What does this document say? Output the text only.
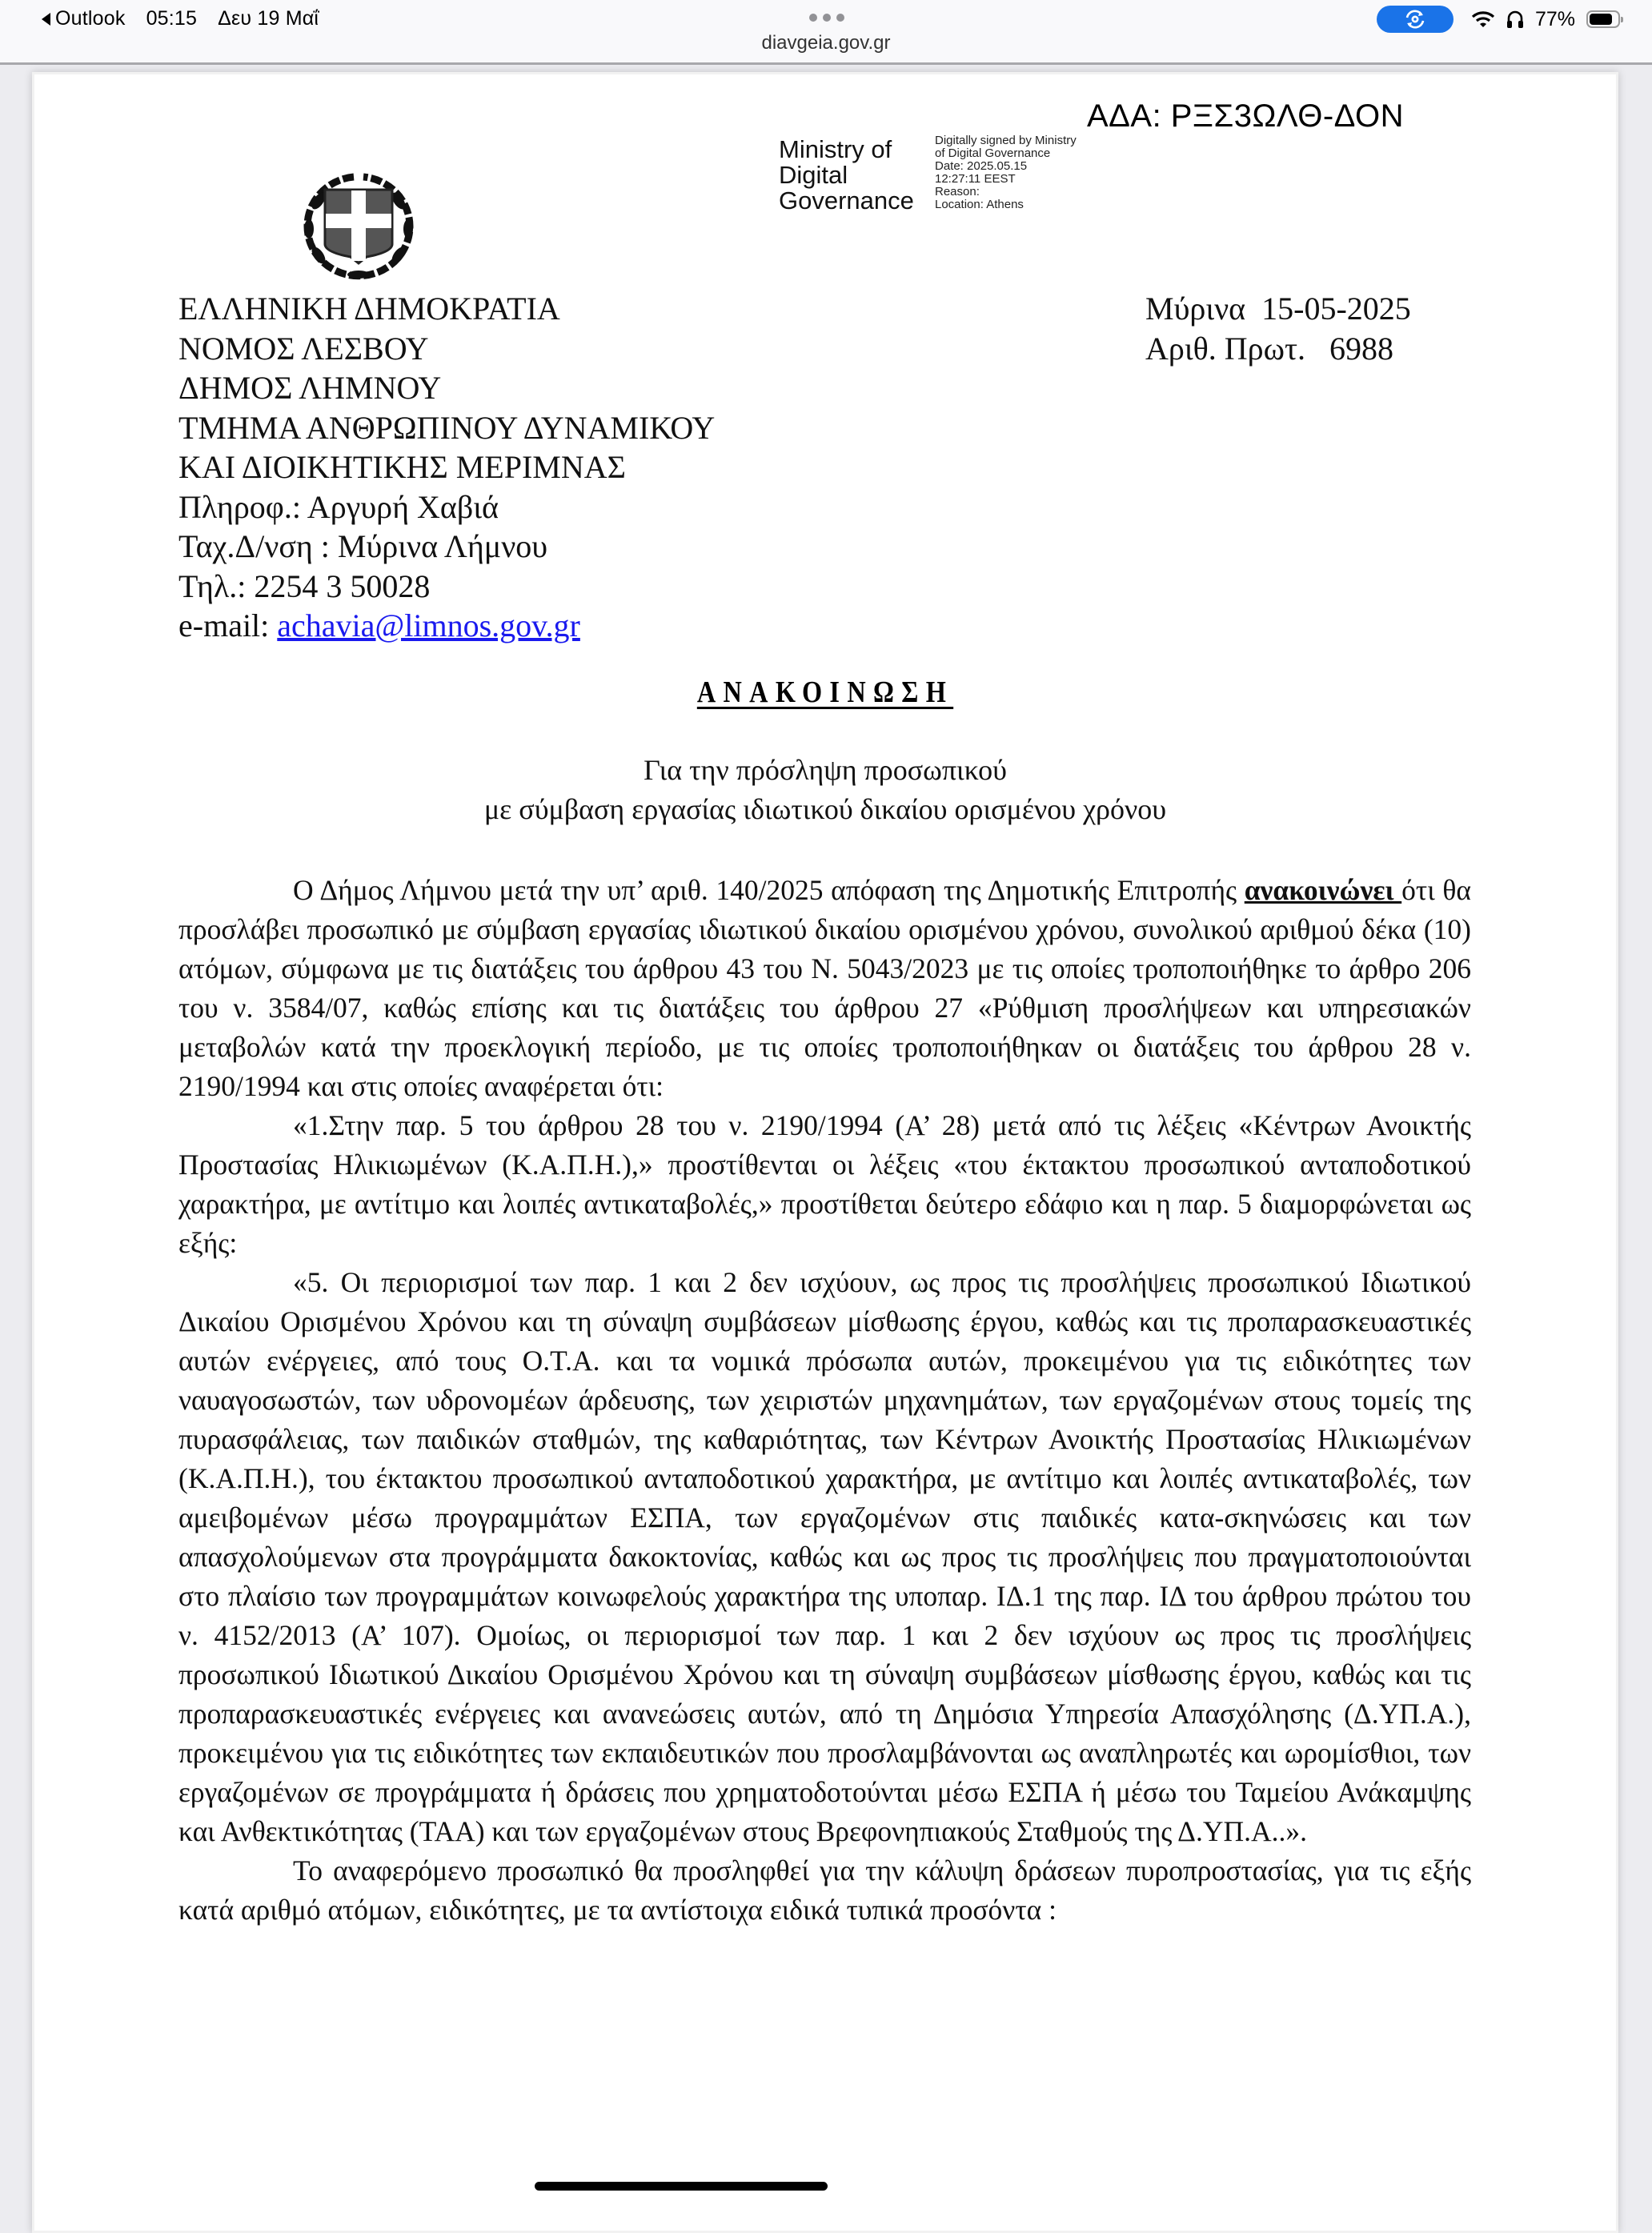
Outlook 05:15 Δευ 19 Μαΐ
diavgeia.gov.gr
77%
ΑΔΑ: ΡΞΣ3ΩΛΘ-ΔΟΝ
Ministry of
Digital
Governance
Digitally signed by Ministry
of Digital Governance
Date: 2025.05.15
12:27:11 EEST
Reason:
Location: Athens
ΕΛΛΗΝΙΚΗ ΔΗΜΟΚΡΑΤΙΑ
ΝΟΜΟΣ ΛΕΣΒΟΥ
ΔΗΜΟΣ ΛΗΜΝΟΥ
ΤΜΗΜΑ ΑΝΘΡΩΠΙΝΟΥ ΔΥΝΑΜΙΚΟΥ
ΚΑΙ ΔΙΟΙΚΗΤΙΚΗΣ ΜΕΡΙΜΝΑΣ
Πληροφ.: Αργυρή Χαβιά
Ταχ.Δ/νση : Μύρινα Λήμνου
Τηλ.: 2254 3 50028
e-mail: achavia@limnos.gov.gr
Μύρινα  15-05-2025
Αριθ. Πρωτ.   6988
ΑΝΑΚΟΙΝΩΣΗ
Για την πρόσληψη προσωπικού
με σύμβαση εργασίας ιδιωτικού δικαίου ορισμένου χρόνου

Ο Δήμος Λήμνου μετά την υπ’ αριθ. 140/2025 απόφαση της Δημοτικής Επιτροπής ανακοινώνει ότι θα προσλάβει προσωπικό με σύμβαση εργασίας ιδιωτικού δικαίου ορισμένου χρόνου, συνολικού αριθμού δέκα (10) ατόμων, σύμφωνα με τις διατάξεις του άρθρου 43 του Ν. 5043/2023 με τις οποίες τροποποιήθηκε το άρθρο 206 του ν. 3584/07, καθώς επίσης και τις διατάξεις του άρθρου 27 «Ρύθμιση προσλήψεων και υπηρεσιακών μεταβολών κατά την προεκλογική περίοδο, με τις οποίες τροποποιήθηκαν οι διατάξεις του άρθρου 28 ν. 2190/1994 και στις οποίες αναφέρεται ότι:

«1.Στην παρ. 5 του άρθρου 28 του ν. 2190/1994 (Α’ 28) μετά από τις λέξεις «Κέντρων Ανοικτής Προστασίας Ηλικιωμένων (Κ.Α.Π.Η.),» προστίθενται οι λέξεις «του έκτακτου προσωπικού ανταποδοτικού χαρακτήρα, με αντίτιμο και λοιπές αντικαταβολές,» προστίθεται δεύτερο εδάφιο και η παρ. 5 διαμορφώνεται ως εξής:

«5. Οι περιορισμοί των παρ. 1 και 2 δεν ισχύουν, ως προς τις προσλήψεις προσωπικού Ιδιωτικού Δικαίου Ορισμένου Χρόνου και τη σύναψη συμβάσεων μίσθωσης έργου, καθώς και τις προπαρασκευαστικές αυτών ενέργειες, από τους Ο.Τ.Α. και τα νομικά πρόσωπα αυτών, προκειμένου για τις ειδικότητες των ναυαγοσωστών, των υδρονομέων άρδευσης, των χειριστών μηχανημάτων, των εργαζομένων στους τομείς της πυρασφάλειας, των παιδικών σταθμών, της καθαριότητας, των Κέντρων Ανοικτής Προστασίας Ηλικιωμένων (Κ.Α.Π.Η.), του έκτακτου προσωπικού ανταποδοτικού χαρακτήρα, με αντίτιμο και λοιπές αντικαταβολές, των αμειβομένων μέσω προγραμμάτων ΕΣΠΑ, των εργαζομένων στις παιδικές κατα-σκηνώσεις και των απασχολούμενων στα προγράμματα δακοκτονίας, καθώς και ως προς τις προσλήψεις που πραγματοποιούνται στο πλαίσιο των προγραμμάτων κοινωφελούς χαρακτήρα της υποπαρ. ΙΔ.1 της παρ. ΙΔ του άρθρου πρώτου του ν. 4152/2013 (Α’ 107). Ομοίως, οι περιορισμοί των παρ. 1 και 2 δεν ισχύουν ως προς τις προσλήψεις προσωπικού Ιδιωτικού Δικαίου Ορισμένου Χρόνου και τη σύναψη συμβάσεων μίσθωσης έργου, καθώς και τις προπαρασκευαστικές ενέργειες και ανανεώσεις αυτών, από τη Δημόσια Υπηρεσία Απασχόλησης (Δ.ΥΠ.Α.), προκειμένου για τις ειδικότητες των εκπαιδευτικών που προσλαμβάνονται ως αναπληρωτές και ωρομίσθιοι, των εργαζομένων σε προγράμματα ή δράσεις που χρηματοδοτούνται μέσω ΕΣΠΑ ή μέσω του Ταμείου Ανάκαμψης και Ανθεκτικότητας (ΤΑΑ) και των εργαζομένων στους Βρεφονηπιακούς Σταθμούς της Δ.ΥΠ.Α..».

Το αναφερόμενο προσωπικό θα προσληφθεί για την κάλυψη δράσεων πυροπροστασίας, για τις εξής κατά αριθμό ατόμων, ειδικότητες, με τα αντίστοιχα ειδικά τυπικά προσόντα :
